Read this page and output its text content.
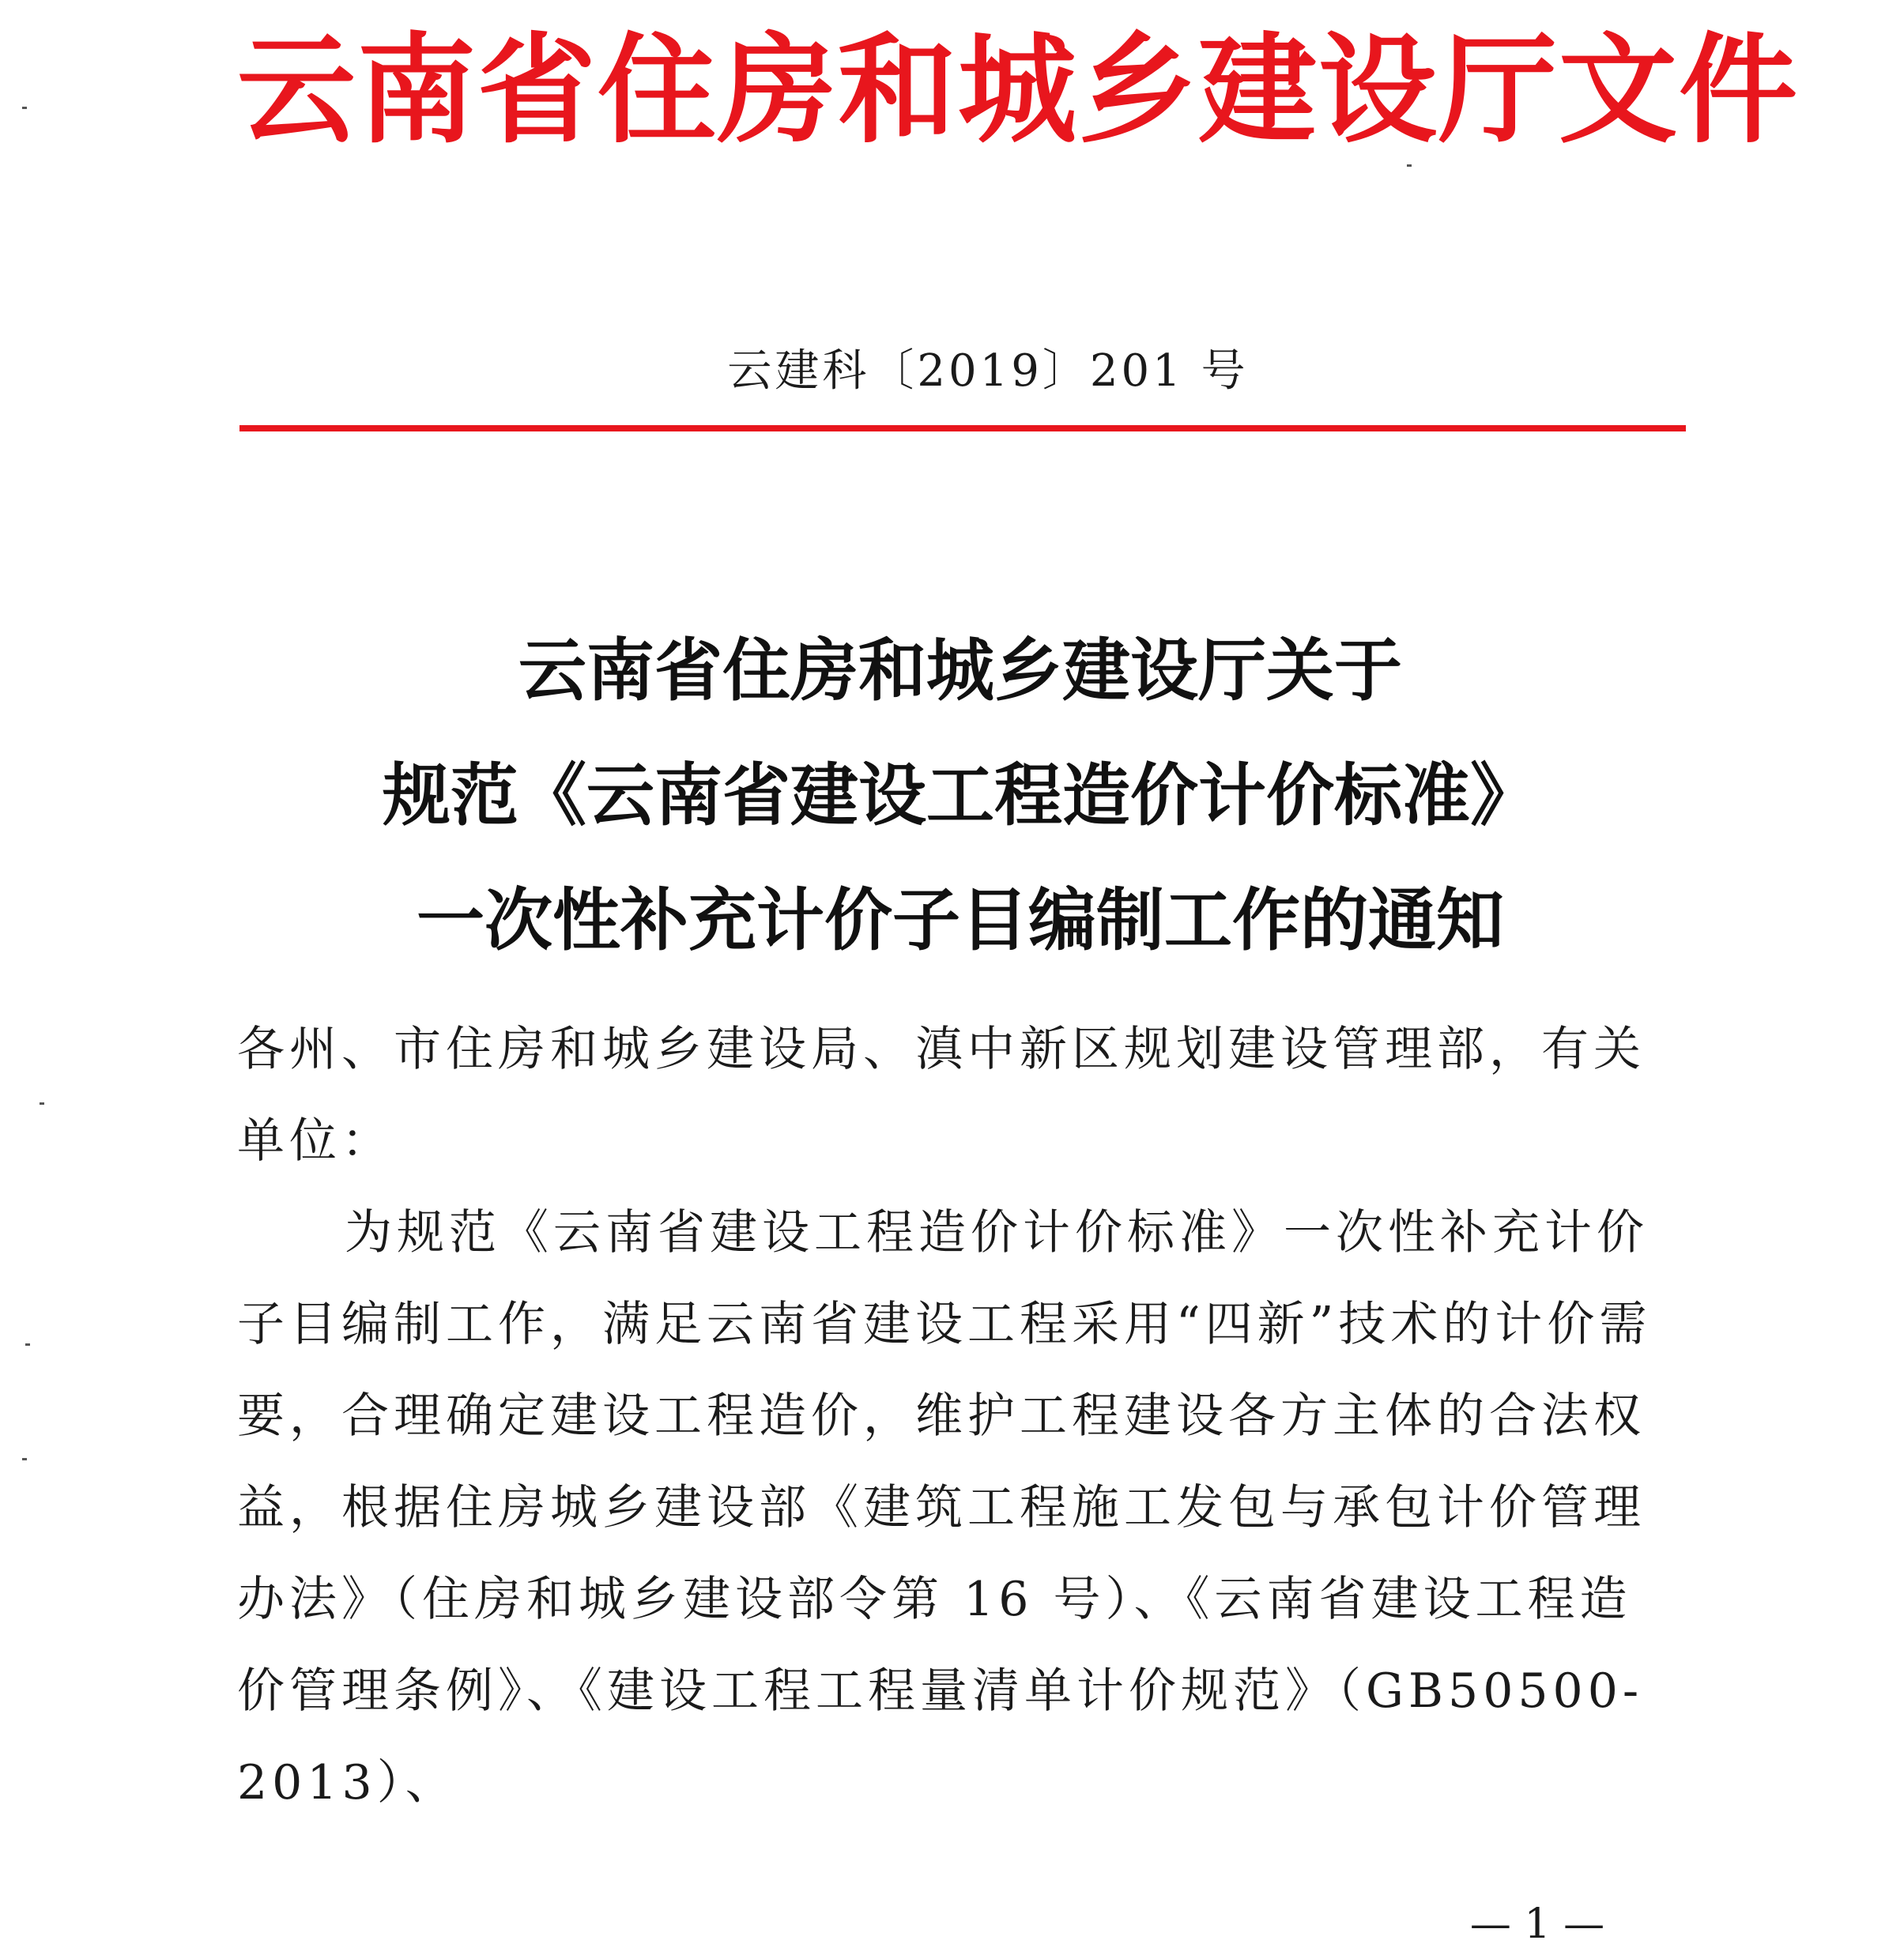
云南省住房和城乡建设厅文件
云建科〔2019〕201 号
云南省住房和城乡建设厅关于
规范《云南省建设工程造价计价标准》
一次性补充计价子目编制工作的通知

各州、市住房和城乡建设局、滇中新区规划建设管理部，有关单位：

为规范《云南省建设工程造价计价标准》一次性补充计价子目编制工作，满足云南省建设工程采用“四新”技术的计价需要，合理确定建设工程造价，维护工程建设各方主体的合法权益，根据住房城乡建设部《建筑工程施工发包与承包计价管理办法》（住房和城乡建设部令第 16 号）、《云南省建设工程造价管理条例》、《建设工程工程量清单计价规范》（GB50500-2013）、

— 1 —
